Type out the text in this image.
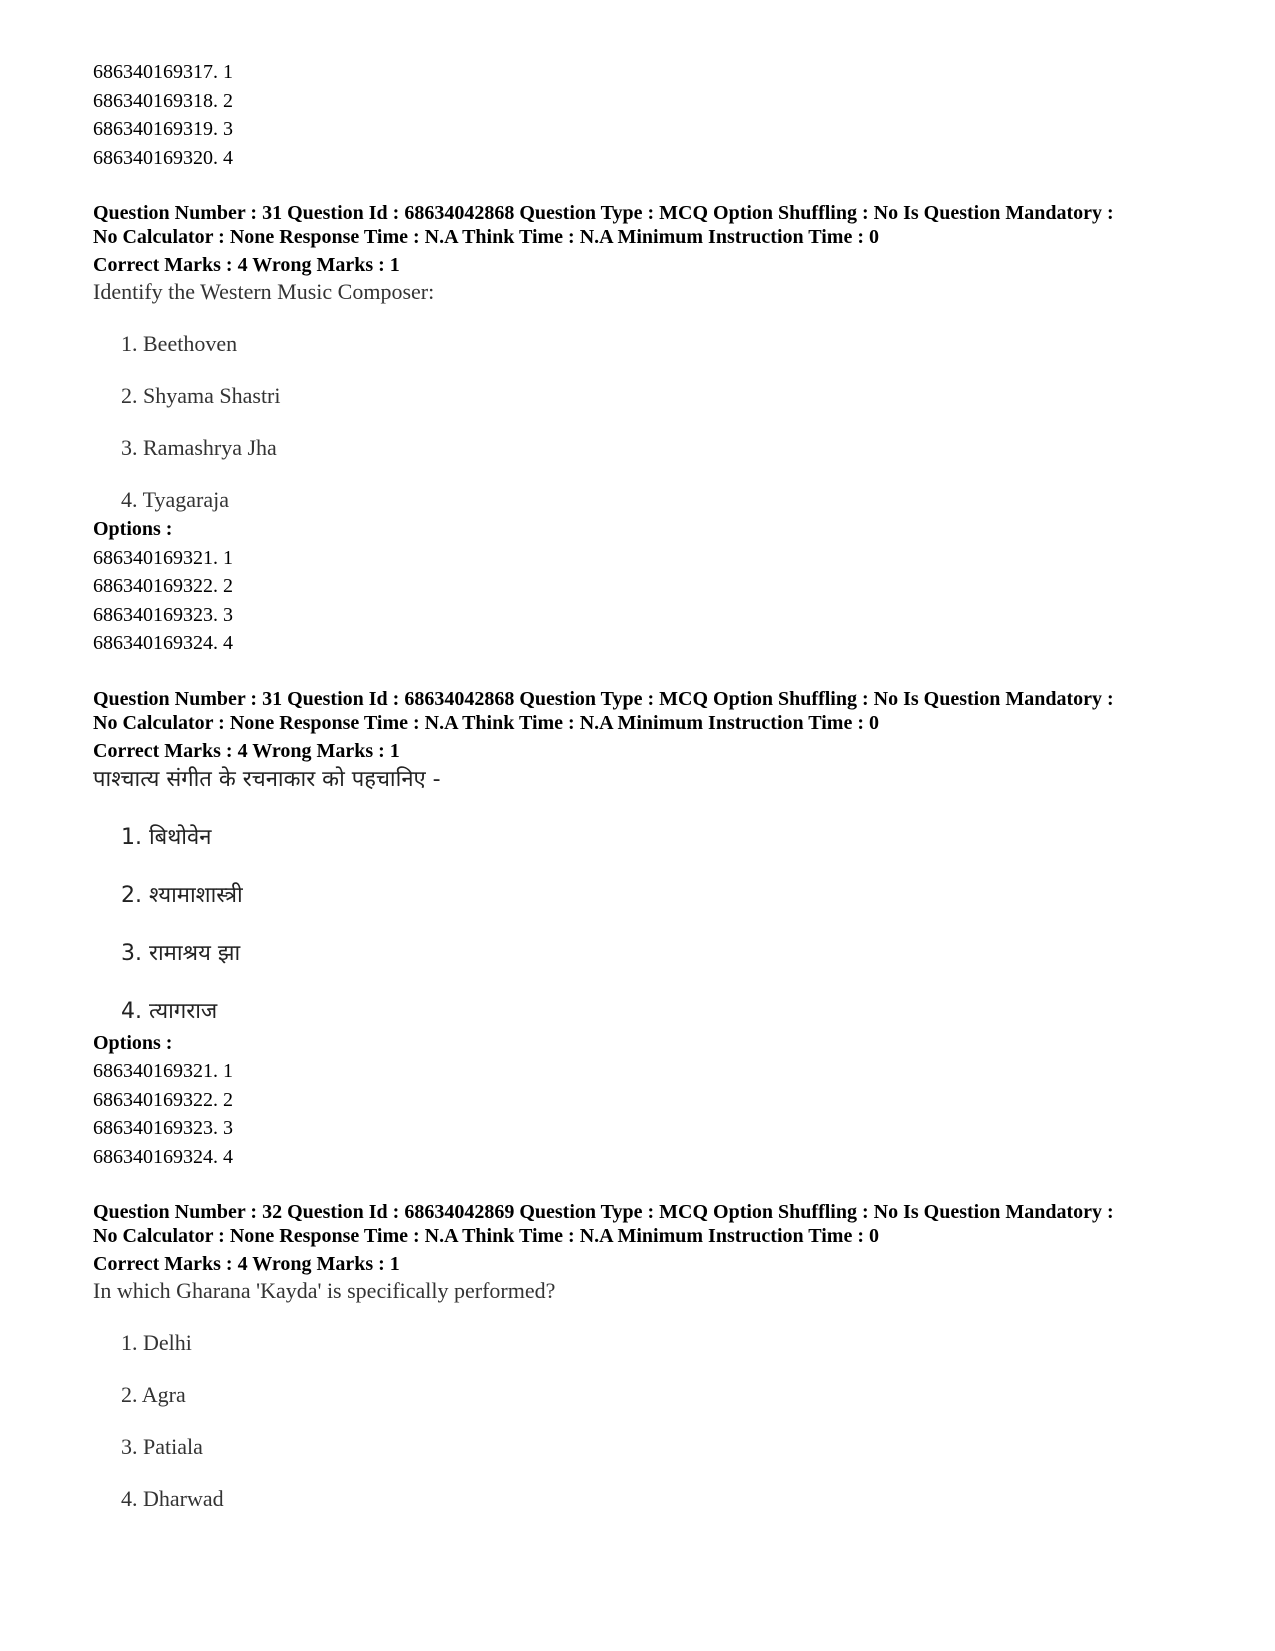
686340169317. 1
686340169318. 2
686340169319. 3
686340169320. 4
Question Number : 31 Question Id : 68634042868 Question Type : MCQ Option Shuffling : No Is Question Mandatory :
No Calculator : None Response Time : N.A Think Time : N.A Minimum Instruction Time : 0
Correct Marks : 4 Wrong Marks : 1
Identify the Western Music Composer:
1. Beethoven
2. Shyama Shastri
3. Ramashrya Jha
4. Tyagaraja
Options :
686340169321. 1
686340169322. 2
686340169323. 3
686340169324. 4
Question Number : 31 Question Id : 68634042868 Question Type : MCQ Option Shuffling : No Is Question Mandatory :
No Calculator : None Response Time : N.A Think Time : N.A Minimum Instruction Time : 0
Correct Marks : 4 Wrong Marks : 1
पाश्चात्य संगीत के रचनाकार को पहचानिए -
1. बिथोवेन
2. श्यामाशास्त्री
3. रामाश्रय झा
4. त्यागराज
Options :
686340169321. 1
686340169322. 2
686340169323. 3
686340169324. 4
Question Number : 32 Question Id : 68634042869 Question Type : MCQ Option Shuffling : No Is Question Mandatory :
No Calculator : None Response Time : N.A Think Time : N.A Minimum Instruction Time : 0
Correct Marks : 4 Wrong Marks : 1
In which Gharana 'Kayda' is specifically performed?
1. Delhi
2. Agra
3. Patiala
4. Dharwad
